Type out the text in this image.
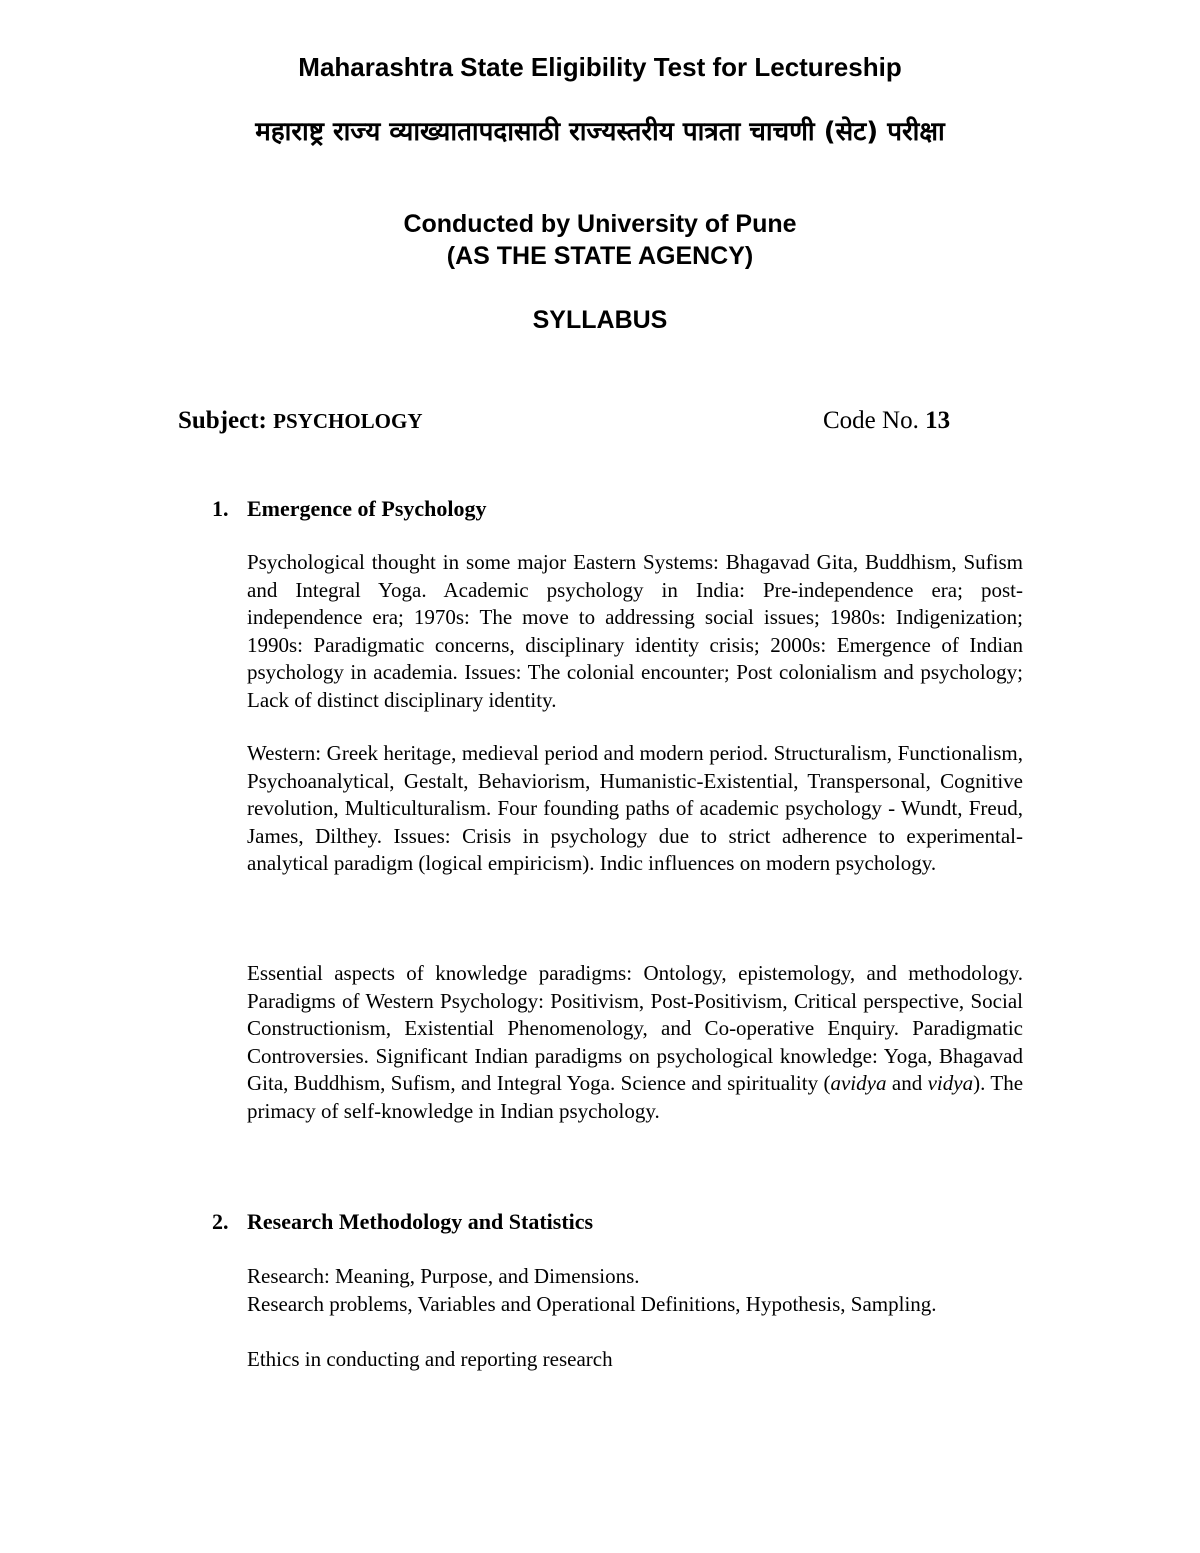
Maharashtra State Eligibility Test for Lectureship
महाराष्ट्र राज्य व्याख्यातापदासाठी राज्यस्तरीय पात्रता चाचणी (सेट) परीक्षा
Conducted by University of Pune
(AS THE STATE AGENCY)
SYLLABUS
Subject: PSYCHOLOGY	Code No. 13
1. Emergence of Psychology

Psychological thought in some major Eastern Systems: Bhagavad Gita, Buddhism, Sufism and Integral Yoga. Academic psychology in India: Pre-independence era; post-independence era; 1970s: The move to addressing social issues; 1980s: Indigenization; 1990s: Paradigmatic concerns, disciplinary identity crisis; 2000s: Emergence of Indian psychology in academia. Issues: The colonial encounter; Post colonialism and psychology; Lack of distinct disciplinary identity.

Western: Greek heritage, medieval period and modern period. Structuralism, Functionalism, Psychoanalytical, Gestalt, Behaviorism, Humanistic-Existential, Transpersonal, Cognitive revolution, Multiculturalism. Four founding paths of academic psychology - Wundt, Freud, James, Dilthey. Issues: Crisis in psychology due to strict adherence to experimental-analytical paradigm (logical empiricism). Indic influences on modern psychology.

Essential aspects of knowledge paradigms: Ontology, epistemology, and methodology. Paradigms of Western Psychology: Positivism, Post-Positivism, Critical perspective, Social Constructionism, Existential Phenomenology, and Co-operative Enquiry. Paradigmatic Controversies. Significant Indian paradigms on psychological knowledge: Yoga, Bhagavad Gita, Buddhism, Sufism, and Integral Yoga. Science and spirituality (avidya and vidya). The primacy of self-knowledge in Indian psychology.

2. Research Methodology and Statistics

Research: Meaning, Purpose, and Dimensions.

Research problems, Variables and Operational Definitions, Hypothesis, Sampling.

Ethics in conducting and reporting research
